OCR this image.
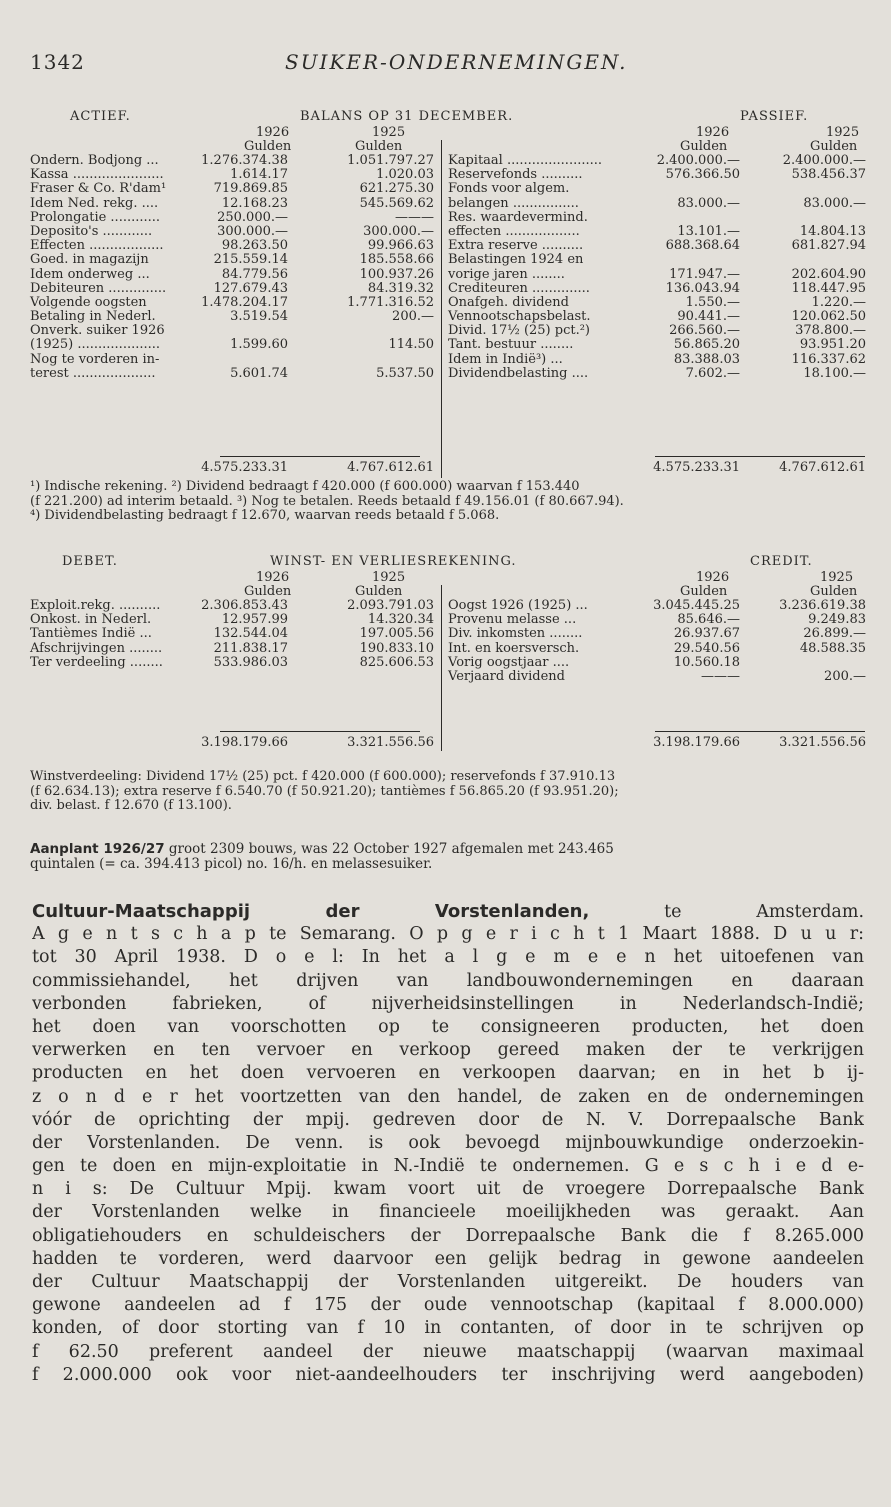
1342	SUIKER-ONDERNEMINGEN.
ACTIEF.	BALANS OP 31 DECEMBER.	PASSIEF.
1926	1925	1926	1925
Gulden	Gulden	Gulden	Gulden
Ondern. Bodjong ...	1.276.374.38	1.051.797.27 Kapitaal .......................	2.400.000.—	2.400.000.—
Kassa ......................	1.614.17	1.020.03 Reservefonds ..........	576.366.50	538.456.37
Fraser & Co. R'dam¹	719.869.85	621.275.30 Fonds voor algem.
Idem Ned. rekg. ....	12.168.23	545.569.62 belangen ................	83.000.—	83.000.—
Prolongatie ............	250.000.—	——— Res. waardevermind.
Deposito's ............	300.000.—	300.000.— effecten ..................	13.101.—	14.804.13
Effecten ..................	98.263.50	99.966.63 Extra reserve ..........	688.368.64	681.827.94
Goed. in magazijn	215.559.14	185.558.66 Belastingen 1924 en
Idem onderweg ...	84.779.56	100.937.26 vorige jaren ........	171.947.—	202.604.90
Debiteuren ..............	127.679.43	84.319.32 Crediteuren ..............	136.043.94	118.447.95
Volgende oogsten	1.478.204.17	1.771.316.52 Onafgeh. dividend	1.550.—	1.220.—
Betaling in Nederl.	3.519.54	200.— Vennootschapsbelast.	90.441.—	120.062.50
Onverk. suiker 1926	Divid. 17½ (25) pct.²)	266.560.—	378.800.—
(1925) ....................	1.599.60	114.50 Tant. bestuur ........	56.865.20	93.951.20
Nog te vorderen in-	Idem in Indië³) ...	83.388.03	116.337.62
terest ....................	5.601.74	5.537.50 Dividendbelasting ....	7.602.—	18.100.—
4.575.233.31	4.767.612.61	4.575.233.31	4.767.612.61
¹) Indische rekening. ²) Dividend bedraagt f 420.000 (f 600.000) waarvan f 153.440
(f 221.200) ad interim betaald. ³) Nog te betalen. Reeds betaald f 49.156.01 (f 80.667.94).
⁴) Dividendbelasting bedraagt f 12.670, waarvan reeds betaald f 5.068.
DEBET.	WINST- EN VERLIESREKENING.	CREDIT.
1926	1925	1926	1925
Gulden	Gulden	Gulden	Gulden
Exploit.rekg. ..........	2.306.853.43	2.093.791.03 Oogst 1926 (1925) ...	3.045.445.25	3.236.619.38
Onkost. in Nederl.	12.957.99	14.320.34 Provenu melasse ...	85.646.—	9.249.83
Tantièmes Indië ...	132.544.04	197.005.56 Div. inkomsten ........	26.937.67	26.899.—
Afschrijvingen ........	211.838.17	190.833.10 Int. en koersversch.	29.540.56	48.588.35
Ter verdeeling ........	533.986.03	825.606.53 Vorig oogstjaar ....	10.560.18
Verjaard dividend	———	200.—
3.198.179.66	3.321.556.56	3.198.179.66	3.321.556.56
Winstverdeeling: Dividend 17½ (25) pct. f 420.000 (f 600.000); reservefonds f 37.910.13
(f 62.634.13); extra reserve f 6.540.70 (f 50.921.20); tantièmes f 56.865.20 (f 93.951.20);
div. belast. f 12.670 (f 13.100).
Aanplant 1926/27 groot 2309 bouws, was 22 October 1927 afgemalen met 243.465
quintalen (= ca. 394.413 picol) no. 16/h. en melassesuiker.
Cultuur-Maatschappij der Vorstenlanden, te Amsterdam.
A g e n t s c h a p te Semarang. O p g e r i c h t 1 Maart 1888. D u u r:
tot 30 April 1938. D o e l: In het a l g e m e e n het uitoefenen van
commissiehandel, het drijven van landbouwondernemingen en daaraan
verbonden fabrieken, of nijverheidsinstellingen in Nederlandsch-Indië;
het doen van voorschotten op te consigneeren producten, het doen
verwerken en ten vervoer en verkoop gereed maken der te verkrijgen
producten en het doen vervoeren en verkoopen daarvan; en in het b ij-
z o n d e r het voortzetten van den handel, de zaken en de ondernemingen
vóór de oprichting der mpij. gedreven door de N. V. Dorrepaalsche Bank
der Vorstenlanden. De venn. is ook bevoegd mijnbouwkundige onderzoekin-
gen te doen en mijn-exploitatie in N.-Indië te ondernemen. G e s c h i e d e-
n i s: De Cultuur Mpij. kwam voort uit de vroegere Dorrepaalsche Bank
der Vorstenlanden welke in financieele moeilijkheden was geraakt. Aan
obligatiehouders en schuldeischers der Dorrepaalsche Bank die f 8.265.000
hadden te vorderen, werd daarvoor een gelijk bedrag in gewone aandeelen
der Cultuur Maatschappij der Vorstenlanden uitgereikt. De houders van
gewone aandeelen ad f 175 der oude vennootschap (kapitaal f 8.000.000)
konden, of door storting van f 10 in contanten, of door in te schrijven op
f 62.50 preferent aandeel der nieuwe maatschappij (waarvan maximaal
f 2.000.000 ook voor niet-aandeelhouders ter inschrijving werd aangeboden)
